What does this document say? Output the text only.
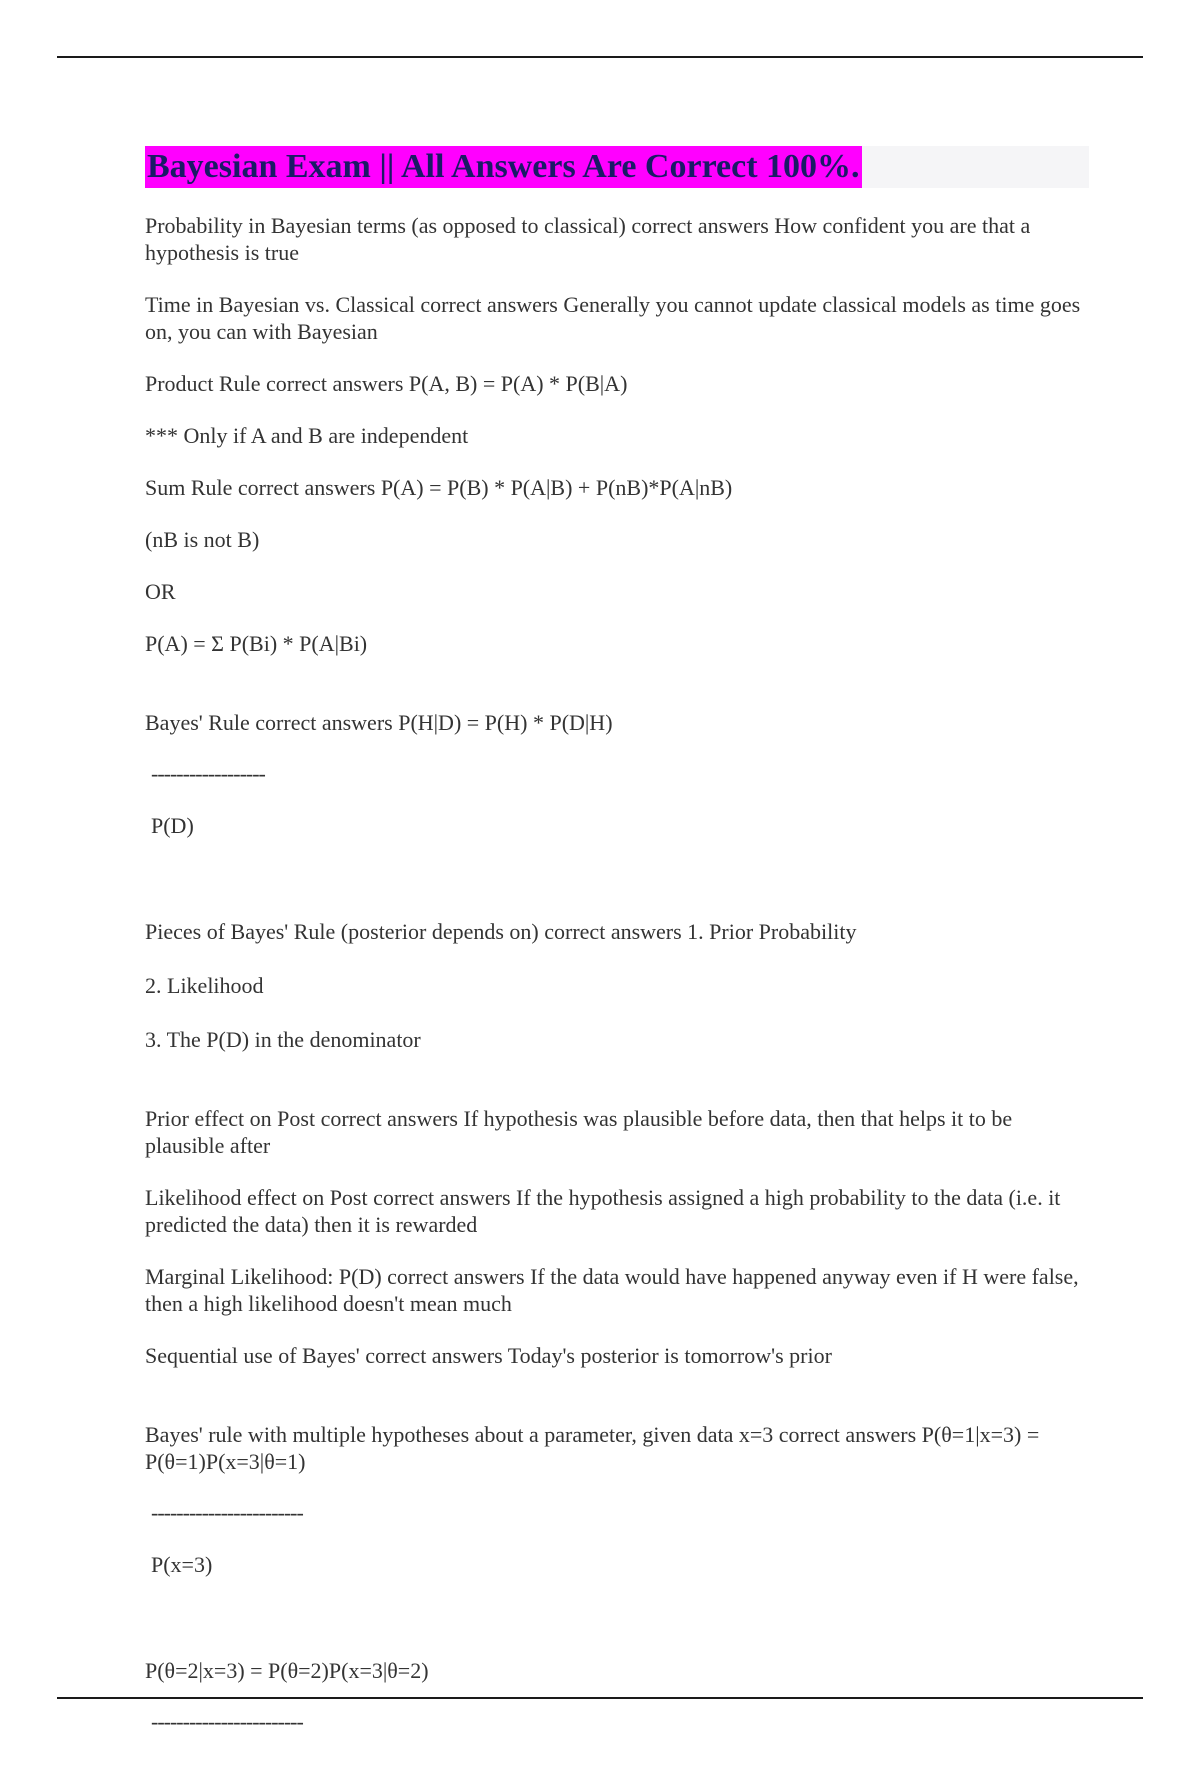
Bayesian Exam || All Answers Are Correct 100%.

Probability in Bayesian terms (as opposed to classical) correct answers How confident you are that a hypothesis is true

Time in Bayesian vs. Classical correct answers Generally you cannot update classical models as time goes on, you can with Bayesian

Product Rule correct answers P(A, B) = P(A) * P(B|A)

*** Only if A and B are independent

Sum Rule correct answers P(A) = P(B) * P(A|B) + P(nB)*P(A|nB)

(nB is not B)

OR

P(A) = Σ P(Bi) * P(A|Bi)

Bayes' Rule correct answers P(H|D) = P(H) * P(D|H)

------------------

P(D)

Pieces of Bayes' Rule (posterior depends on) correct answers 1. Prior Probability

2. Likelihood

3. The P(D) in the denominator

Prior effect on Post correct answers If hypothesis was plausible before data, then that helps it to be plausible after

Likelihood effect on Post correct answers If the hypothesis assigned a high probability to the data (i.e. it predicted the data) then it is rewarded

Marginal Likelihood: P(D) correct answers If the data would have happened anyway even if H were false, then a high likelihood doesn't mean much

Sequential use of Bayes' correct answers Today's posterior is tomorrow's prior

Bayes' rule with multiple hypotheses about a parameter, given data x=3 correct answers P(θ=1|x=3) = P(θ=1)P(x=3|θ=1)

------------------------

P(x=3)

P(θ=2|x=3) = P(θ=2)P(x=3|θ=2)

------------------------
